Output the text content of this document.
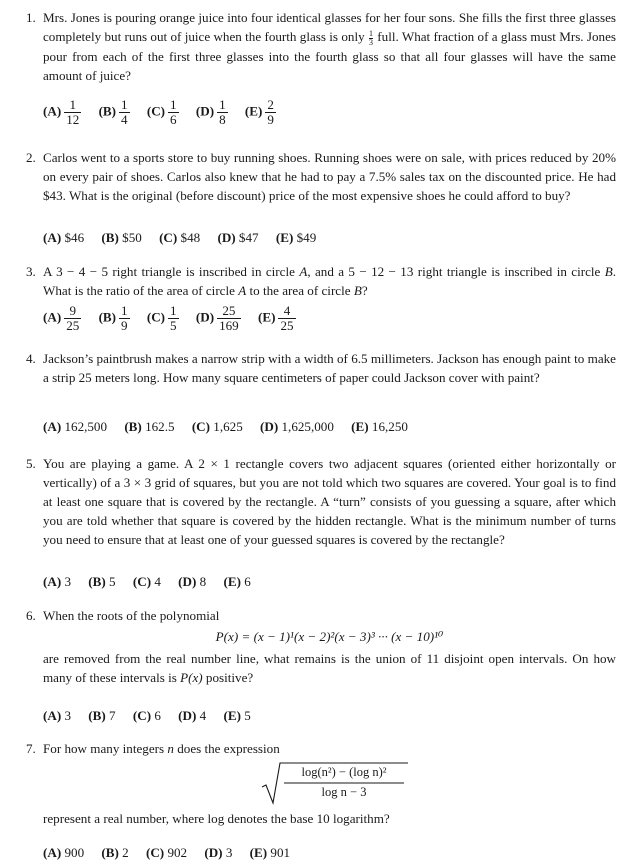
1. Mrs. Jones is pouring orange juice into four identical glasses for her four sons. She fills the first three glasses completely but runs out of juice when the fourth glass is only $\frac{1}{3}$ full. What fraction of a glass must Mrs. Jones pour from each of the first three glasses into the fourth glass so that all four glasses will have the same amount of juice?
$(A) \frac{1}{12} (B) \frac{1}{4} (C) \frac{1}{6} (D) \frac{1}{8} (E) \frac{2}{9}$
2. Carlos went to a sports store to buy running shoes. Running shoes were on sale, with prices reduced by 20% on every pair of shoes. Carlos also knew that he had to pay a 7.5% sales tax on the discounted price. He had $43. What is the original (before discount) price of the most expensive shoes he could afford to buy?
(A) $46 (B) $50 (C) $48 (D) $47 (E) $49
3. A 3 − 4 − 5 right triangle is inscribed in circle A, and a 5 − 12 − 13 right triangle is inscribed in circle B. What is the ratio of the area of circle A to the area of circle B?
$(A) \frac{9}{25} (B) \frac{1}{9} (C) \frac{1}{5} (D) \frac{25}{169} (E) \frac{4}{25}$
4. Jackson’s paintbrush makes a narrow strip with a width of 6.5 millimeters. Jackson has enough paint to make a strip 25 meters long. How many square centimeters of paper could Jackson cover with paint?
(A) 162,500 (B) 162.5 (C) 1,625 (D) 1,625,000 (E) 16,250
5. You are playing a game. A 2 × 1 rectangle covers two adjacent squares (oriented either horizontally or vertically) of a 3 × 3 grid of squares, but you are not told which two squares are covered. Your goal is to find at least one square that is covered by the rectangle. A “turn” consists of you guessing a square, after which you are told whether that square is covered by the hidden rectangle. What is the minimum number of turns you need to ensure that at least one of your guessed squares is covered by the rectangle?
(A) 3 (B) 5 (C) 4 (D) 8 (E) 6
6. When the roots of the polynomial
P(x) = (x − 1)¹(x − 2)²(x − 3)³ ··· (x − 10)¹⁰
are removed from the real number line, what remains is the union of 11 disjoint open intervals. On how many of these intervals is P(x) positive?
(A) 3 (B) 7 (C) 6 (D) 4 (E) 5
7. For how many integers n does the expression
log(n²) − (log n)²
log n − 3
represent a real number, where log denotes the base 10 logarithm?
(A) 900 (B) 2 (C) 902 (D) 3 (E) 901
